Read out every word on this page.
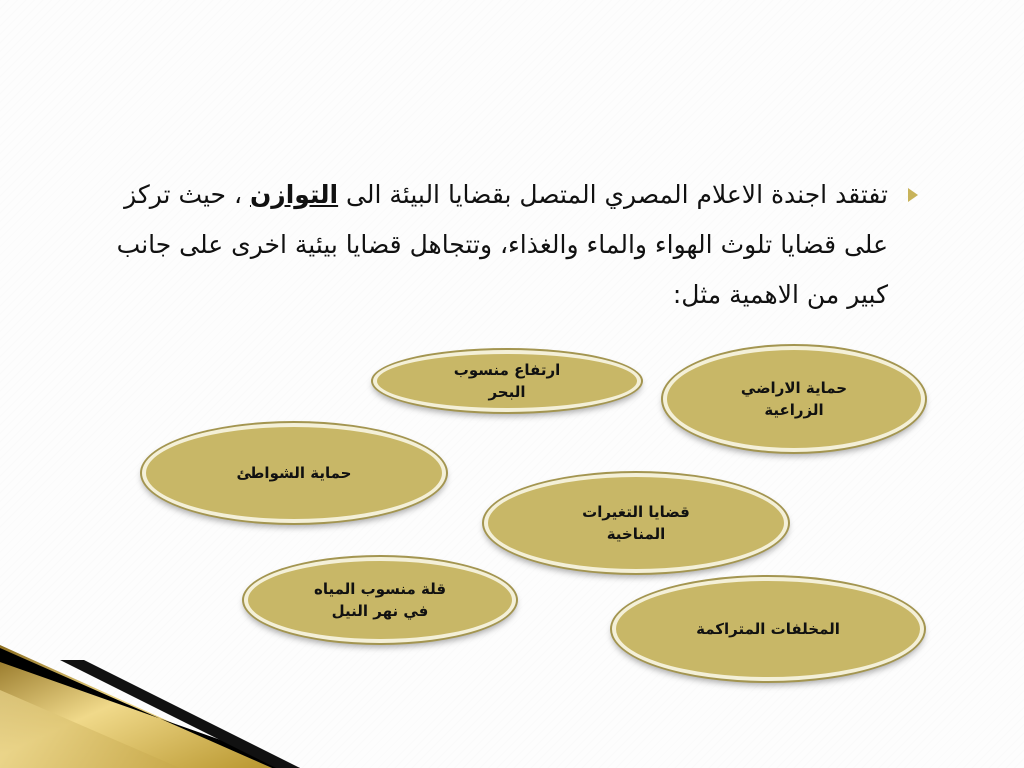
تفتقد اجندة الاعلام المصري المتصل بقضايا البيئة الى التوازن ، حيث تركز على قضايا تلوث الهواء والماء والغذاء، وتتجاهل قضايا بيئية اخرى على جانب كبير من الاهمية مثل:
ارتفاع منسوب
البحر	حماية الاراضي
الزراعية
حماية الشواطئ
قضايا التغيرات
المناخية
قلة منسوب المياه
في نهر النيل
المخلفات المتراكمة
